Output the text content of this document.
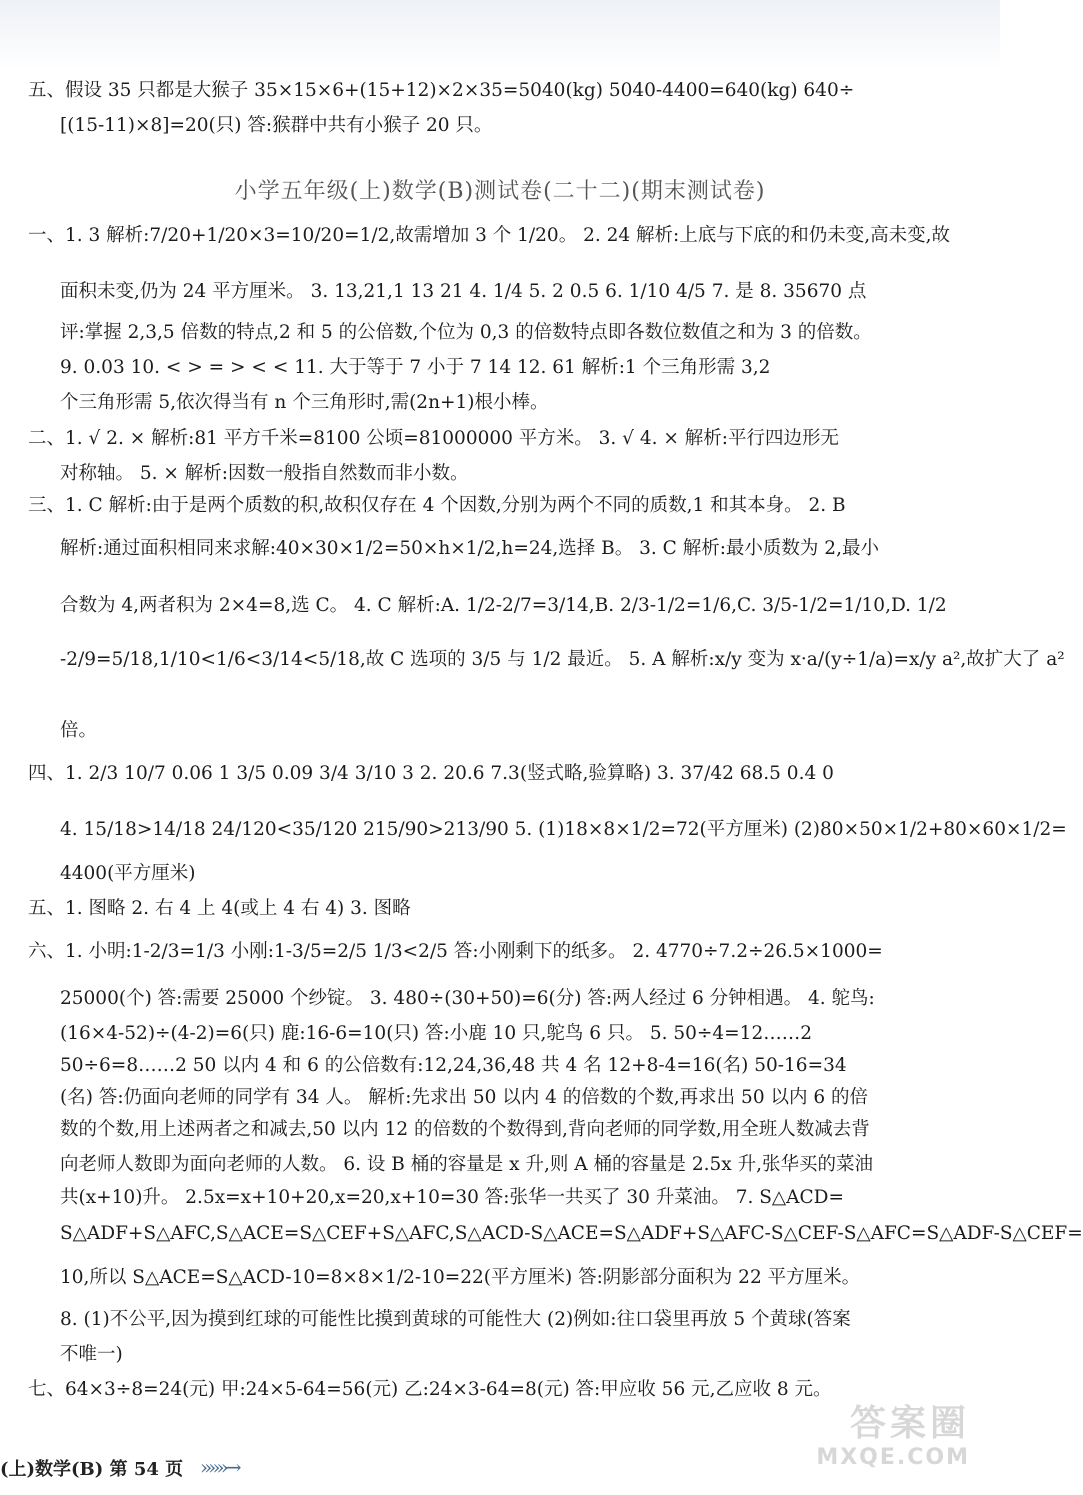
五、假设 35 只都是大猴子 35×15×6+(15+12)×2×35=5040(kg) 5040-4400=640(kg) 640÷
[(15-11)×8]=20(只) 答:猴群中共有小猴子 20 只。
小学五年级(上)数学(B)测试卷(二十二)(期末测试卷)
一、1. 3 解析:7/20+1/20×3=10/20=1/2,故需增加 3 个 1/20。 2. 24 解析:上底与下底的和仍未变,高未变,故
面积未变,仍为 24 平方厘米。 3. 13,21,1 13 21 4. 1/4 5. 2 0.5 6. 1/10 4/5 7. 是 8. 35670 点
评:掌握 2,3,5 倍数的特点,2 和 5 的公倍数,个位为 0,3 的倍数特点即各数位数值之和为 3 的倍数。
9. 0.03 10. < > = > < < 11. 大于等于 7 小于 7 14 12. 61 解析:1 个三角形需 3,2
个三角形需 5,依次得当有 n 个三角形时,需(2n+1)根小棒。
二、1. √ 2. × 解析:81 平方千米=8100 公顷=81000000 平方米。 3. √ 4. × 解析:平行四边形无
对称轴。 5. × 解析:因数一般指自然数而非小数。
三、1. C 解析:由于是两个质数的积,故积仅存在 4 个因数,分别为两个不同的质数,1 和其本身。 2. B
解析:通过面积相同来求解:40×30×1/2=50×h×1/2,h=24,选择 B。 3. C 解析:最小质数为 2,最小
合数为 4,两者积为 2×4=8,选 C。 4. C 解析:A. 1/2-2/7=3/14,B. 2/3-1/2=1/6,C. 3/5-1/2=1/10,D. 1/2
-2/9=5/18,1/10<1/6<3/14<5/18,故 C 选项的 3/5 与 1/2 最近。 5. A 解析:x/y 变为 x·a/(y÷1/a)=x/y a²,故扩大了 a²
倍。
四、1. 2/3 10/7 0.06 1 3/5 0.09 3/4 3/10 3 2. 20.6 7.3(竖式略,验算略) 3. 37/42 68.5 0.4 0
4. 15/18>14/18 24/120<35/120 215/90>213/90 5. (1)18×8×1/2=72(平方厘米) (2)80×50×1/2+80×60×1/2=
4400(平方厘米)
五、1. 图略 2. 右 4 上 4(或上 4 右 4) 3. 图略
六、1. 小明:1-2/3=1/3 小刚:1-3/5=2/5 1/3<2/5 答:小刚剩下的纸多。 2. 4770÷7.2÷26.5×1000=
25000(个) 答:需要 25000 个纱锭。 3. 480÷(30+50)=6(分) 答:两人经过 6 分钟相遇。 4. 鸵鸟:
(16×4-52)÷(4-2)=6(只) 鹿:16-6=10(只) 答:小鹿 10 只,鸵鸟 6 只。 5. 50÷4=12……2
50÷6=8……2 50 以内 4 和 6 的公倍数有:12,24,36,48 共 4 名 12+8-4=16(名) 50-16=34
(名) 答:仍面向老师的同学有 34 人。 解析:先求出 50 以内 4 的倍数的个数,再求出 50 以内 6 的倍
数的个数,用上述两者之和减去,50 以内 12 的倍数的个数得到,背向老师的同学数,用全班人数减去背
向老师人数即为面向老师的人数。 6. 设 B 桶的容量是 x 升,则 A 桶的容量是 2.5x 升,张华买的菜油
共(x+10)升。 2.5x=x+10+20,x=20,x+10=30 答:张华一共买了 30 升菜油。 7. S△ACD=
S△ADF+S△AFC,S△ACE=S△CEF+S△AFC,S△ACD-S△ACE=S△ADF+S△AFC-S△CEF-S△AFC=S△ADF-S△CEF=
10,所以 S△ACE=S△ACD-10=8×8×1/2-10=22(平方厘米) 答:阴影部分面积为 22 平方厘米。
8. (1)不公平,因为摸到红球的可能性比摸到黄球的可能性大 (2)例如:往口袋里再放 5 个黄球(答案
不唯一)
七、64×3÷8=24(元) 甲:24×5-64=56(元) 乙:24×3-64=8(元) 答:甲应收 56 元,乙应收 8 元。
(上)数学(B) 第 54 页 »»»→
答案圈
MXQE.COM
